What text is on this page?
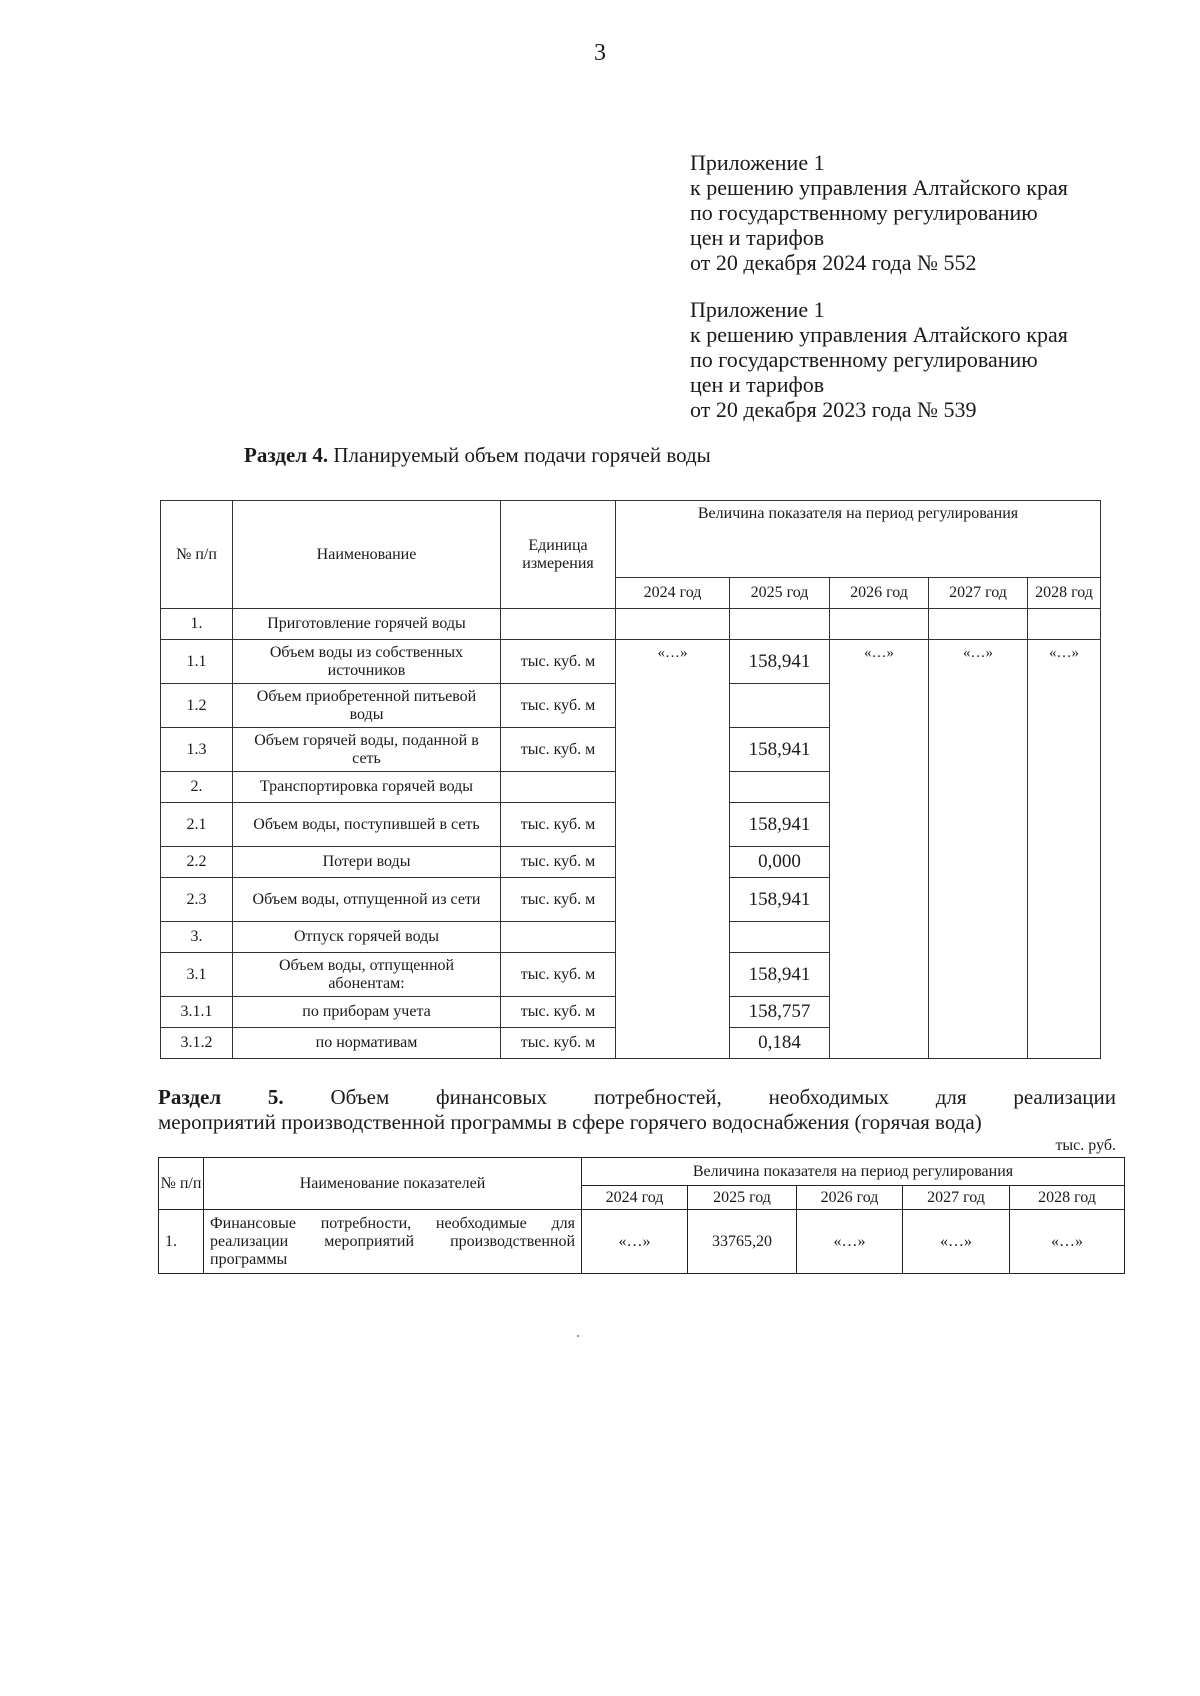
3
Приложение 1
к решению управления Алтайского края
по государственному регулированию
цен и тарифов
от 20 декабря 2024 года № 552
Приложение 1
к решению управления Алтайского края
по государственному регулированию
цен и тарифов
от 20 декабря 2023 года № 539
Раздел 4. Планируемый объем подачи горячей воды
№ п/п	Наименование	Единица измерения	Величина показателя на период регулирования				
			2024 год	2025 год	2026 год	2027 год	2028 год
1.	Приготовление горячей воды						
1.1	Объем воды из собственных источников	тыс. куб. м	«…»	158,941	«…»	«…»	«…»
1.2	Объем приобретенной питьевой воды	тыс. куб. м					
1.3	Объем горячей воды, поданной в сеть	тыс. куб. м		158,941			
2.	Транспортировка горячей воды						
2.1	Объем воды, поступившей в сеть	тыс. куб. м		158,941			
2.2	Потери воды	тыс. куб. м		0,000			
2.3	Объем воды, отпущенной из сети	тыс. куб. м		158,941			
3.	Отпуск горячей воды						
3.1	Объем воды, отпущенной абонентам:	тыс. куб. м		158,941			
3.1.1	по приборам учета	тыс. куб. м		158,757			
3.1.2	по нормативам	тыс. куб. м		0,184			

Раздел 5. Объем финансовых потребностей, необходимых для реализации

мероприятий производственной программы в сфере горячего водоснабжения (горячая вода)

тыс. руб.
№ п/п	Наименование показателей	Величина показателя на период регулирования				
		2024 год	2025 год	2026 год	2027 год	2028 год
1.	Финансовые потребности, необходимые для реализации мероприятий производственной программы	«…»	33765,20	«…»	«…»	«…»
